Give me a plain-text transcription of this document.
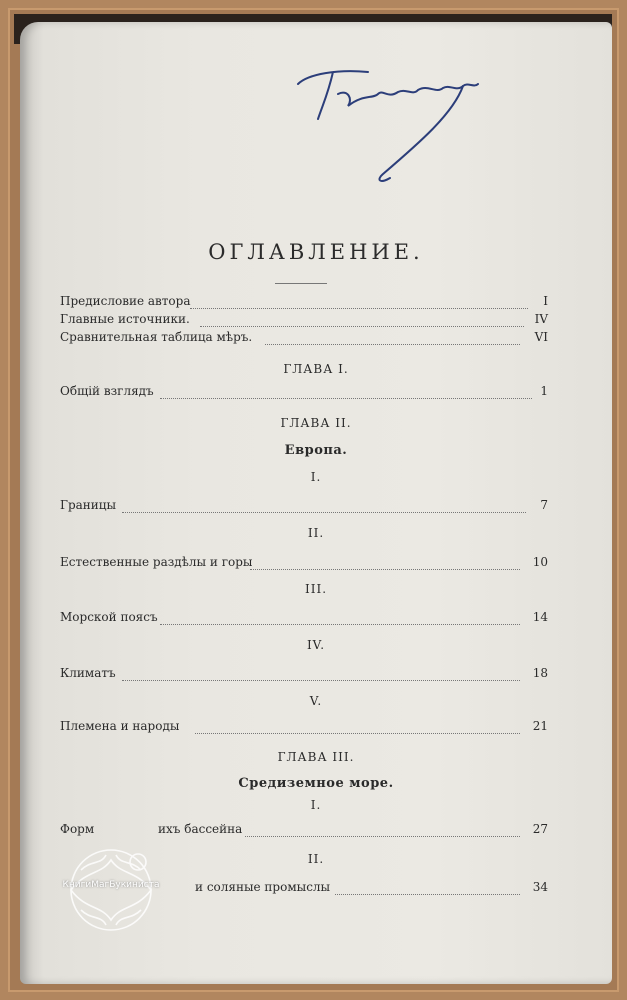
ОГЛАВЛЕНИЕ.
Предисловие автора	I
Главные источники.	IV
Сравнительная таблица мѣръ.	VI
ГЛАВА I.
Общій взглядъ	1
ГЛАВА II.
Европа.
I.
Границы	7
II.
Естественные раздѣлы и горы	10
III.
Морской поясъ	14
IV.
Климатъ	18
V.
Племена и народы	21
ГЛАВА III.
Средиземное море.
I.
Форм	ихъ бассейна	27
II.
и соляные промыслы	34
КнигиМагБукинистa
